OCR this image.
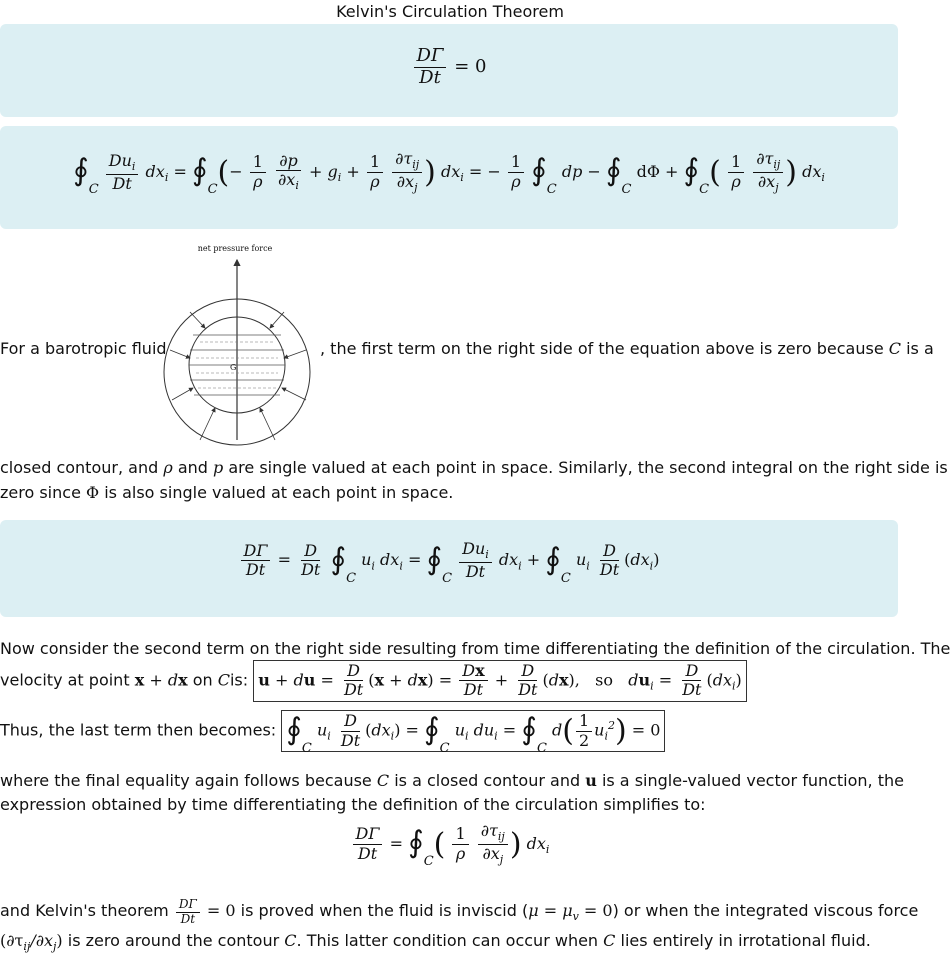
Kelvin's Circulation Theorem
$\frac{D\Gamma}{Dt} = 0$
$∮_C \frac{Du_i}{Dt} dx_i$ = $∮_C(- \frac{1}{\rho}$
$\frac{\partial p}{\partial x_i} + g_i + \frac{1}{\rho}$
$\frac{\partial\tau_{ij}}{\partial x_j}$ ) $dx_i$ = − $\frac{1}{\rho}$ $∮_C$ dp − $∮_C$ $d\Phi + ∮_C( \frac{1}{\rho}$
$\frac{\partial\tau_{ij}}{\partial x_j}$ ) $dx_i$
net pressure force
G
For a barotropic fluid	, the first term on the right side of the equation above is zero because C is a
closed contour, and ρ and p are single valued at each point in space. Similarly, the second integral on the right side is
zero since Φ is also single valued at each point in space.
$\frac{D\Gamma}{Dt} = \frac{D}{Dt}$ $∮_C$ $u_i$ $dx_i$ = $∮_C \frac{Du_i}{Dt} dx_i$ + $∮_C$ $u_i \frac{D}{Dt} (dx_i)$
Now consider the second term on the right side resulting from time differentiating the definition of the circulation. The
velocity at point x + dx on Cis: u + du = $\frac{D}{Dt} (x + dx) = \frac{Dx}{Dt} + \frac{D}{Dt} (dx)$, so   $du_i = \frac{D}{Dt} (dx_i)$
Thus, the last term then becomes: $∮_C$ $u_i \frac{D}{Dt} (dx_i)$ = $∮_C$ $u_i$ $du_i$ = $∮_C$ $d( \frac{1}{2} u_i^2) = 0$
where the final equality again follows because C is a closed contour and u is a single-valued vector function, the
expression obtained by time differentiating the definition of the circulation simplifies to:
$\frac{D\Gamma}{Dt}$ = $∮_C( \frac{1}{\rho}$
$\frac{\partial\tau_{ij}}{\partial x_j}$ ) $dx_i$
and Kelvin's theorem $\frac{D\Gamma}{Dt} = 0$ is proved when the fluid is inviscid $(\mu = \mu_v = 0)$ or when the integrated viscous force
$(\partial\tau_{ij}/\partial x_j)$ is zero around the contour C. This latter condition can occur when C lies entirely in irrotational fluid.
